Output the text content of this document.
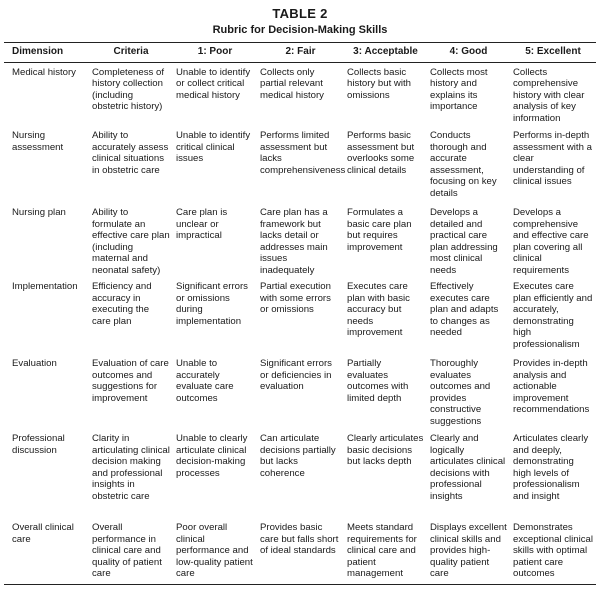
TABLE 2
Rubric for Decision-Making Skills
Dimension	Criteria	1: Poor	2: Fair	3: Acceptable	4: Good	5: Excellent
Medical history	Completeness of history collection (including obstetric history)	Unable to identify or collect critical medical history	Collects only partial relevant medical history	Collects basic history but with omissions	Collects most history and explains its importance	Collects comprehensive history with clear analysis of key information
Nursing assessment	Ability to accurately assess clinical situations in obstetric care	Unable to identify critical clinical issues	Performs limited assessment but lacks comprehensiveness	Performs basic assessment but overlooks some clinical details	Conducts thorough and accurate assessment, focusing on key details	Performs in-depth assessment with a clear understanding of clinical issues
Nursing plan	Ability to formulate an effective care plan (including maternal and neonatal safety)	Care plan is unclear or impractical	Care plan has a framework but lacks detail or addresses main issues inadequately	Formulates a basic care plan but requires improvement	Develops a detailed and practical care plan addressing most clinical needs	Develops a comprehensive and effective care plan covering all clinical requirements
Implementation	Efficiency and accuracy in executing the care plan	Significant errors or omissions during implementation	Partial execution with some errors or omissions	Executes care plan with basic accuracy but needs improvement	Effectively executes care plan and adapts to changes as needed	Executes care plan efficiently and accurately, demonstrating high professionalism
Evaluation	Evaluation of care outcomes and suggestions for improvement	Unable to accurately evaluate care outcomes	Significant errors or deficiencies in evaluation	Partially evaluates outcomes with limited depth	Thoroughly evaluates outcomes and provides constructive suggestions	Provides in-depth analysis and actionable improvement recommendations
Professional discussion	Clarity in articulating clinical decision making and professional insights in obstetric care	Unable to clearly articulate clinical decision-making processes	Can articulate decisions partially but lacks coherence	Clearly articulates basic decisions but lacks depth	Clearly and logically articulates clinical decisions with professional insights	Articulates clearly and deeply, demonstrating high levels of professionalism and insight
Overall clinical care	Overall performance in clinical care and quality of patient care	Poor overall clinical performance and low-quality patient care	Provides basic care but falls short of ideal standards	Meets standard requirements for clinical care and patient management	Displays excellent clinical skills and provides high-quality patient care	Demonstrates exceptional clinical skills with optimal patient care outcomes
